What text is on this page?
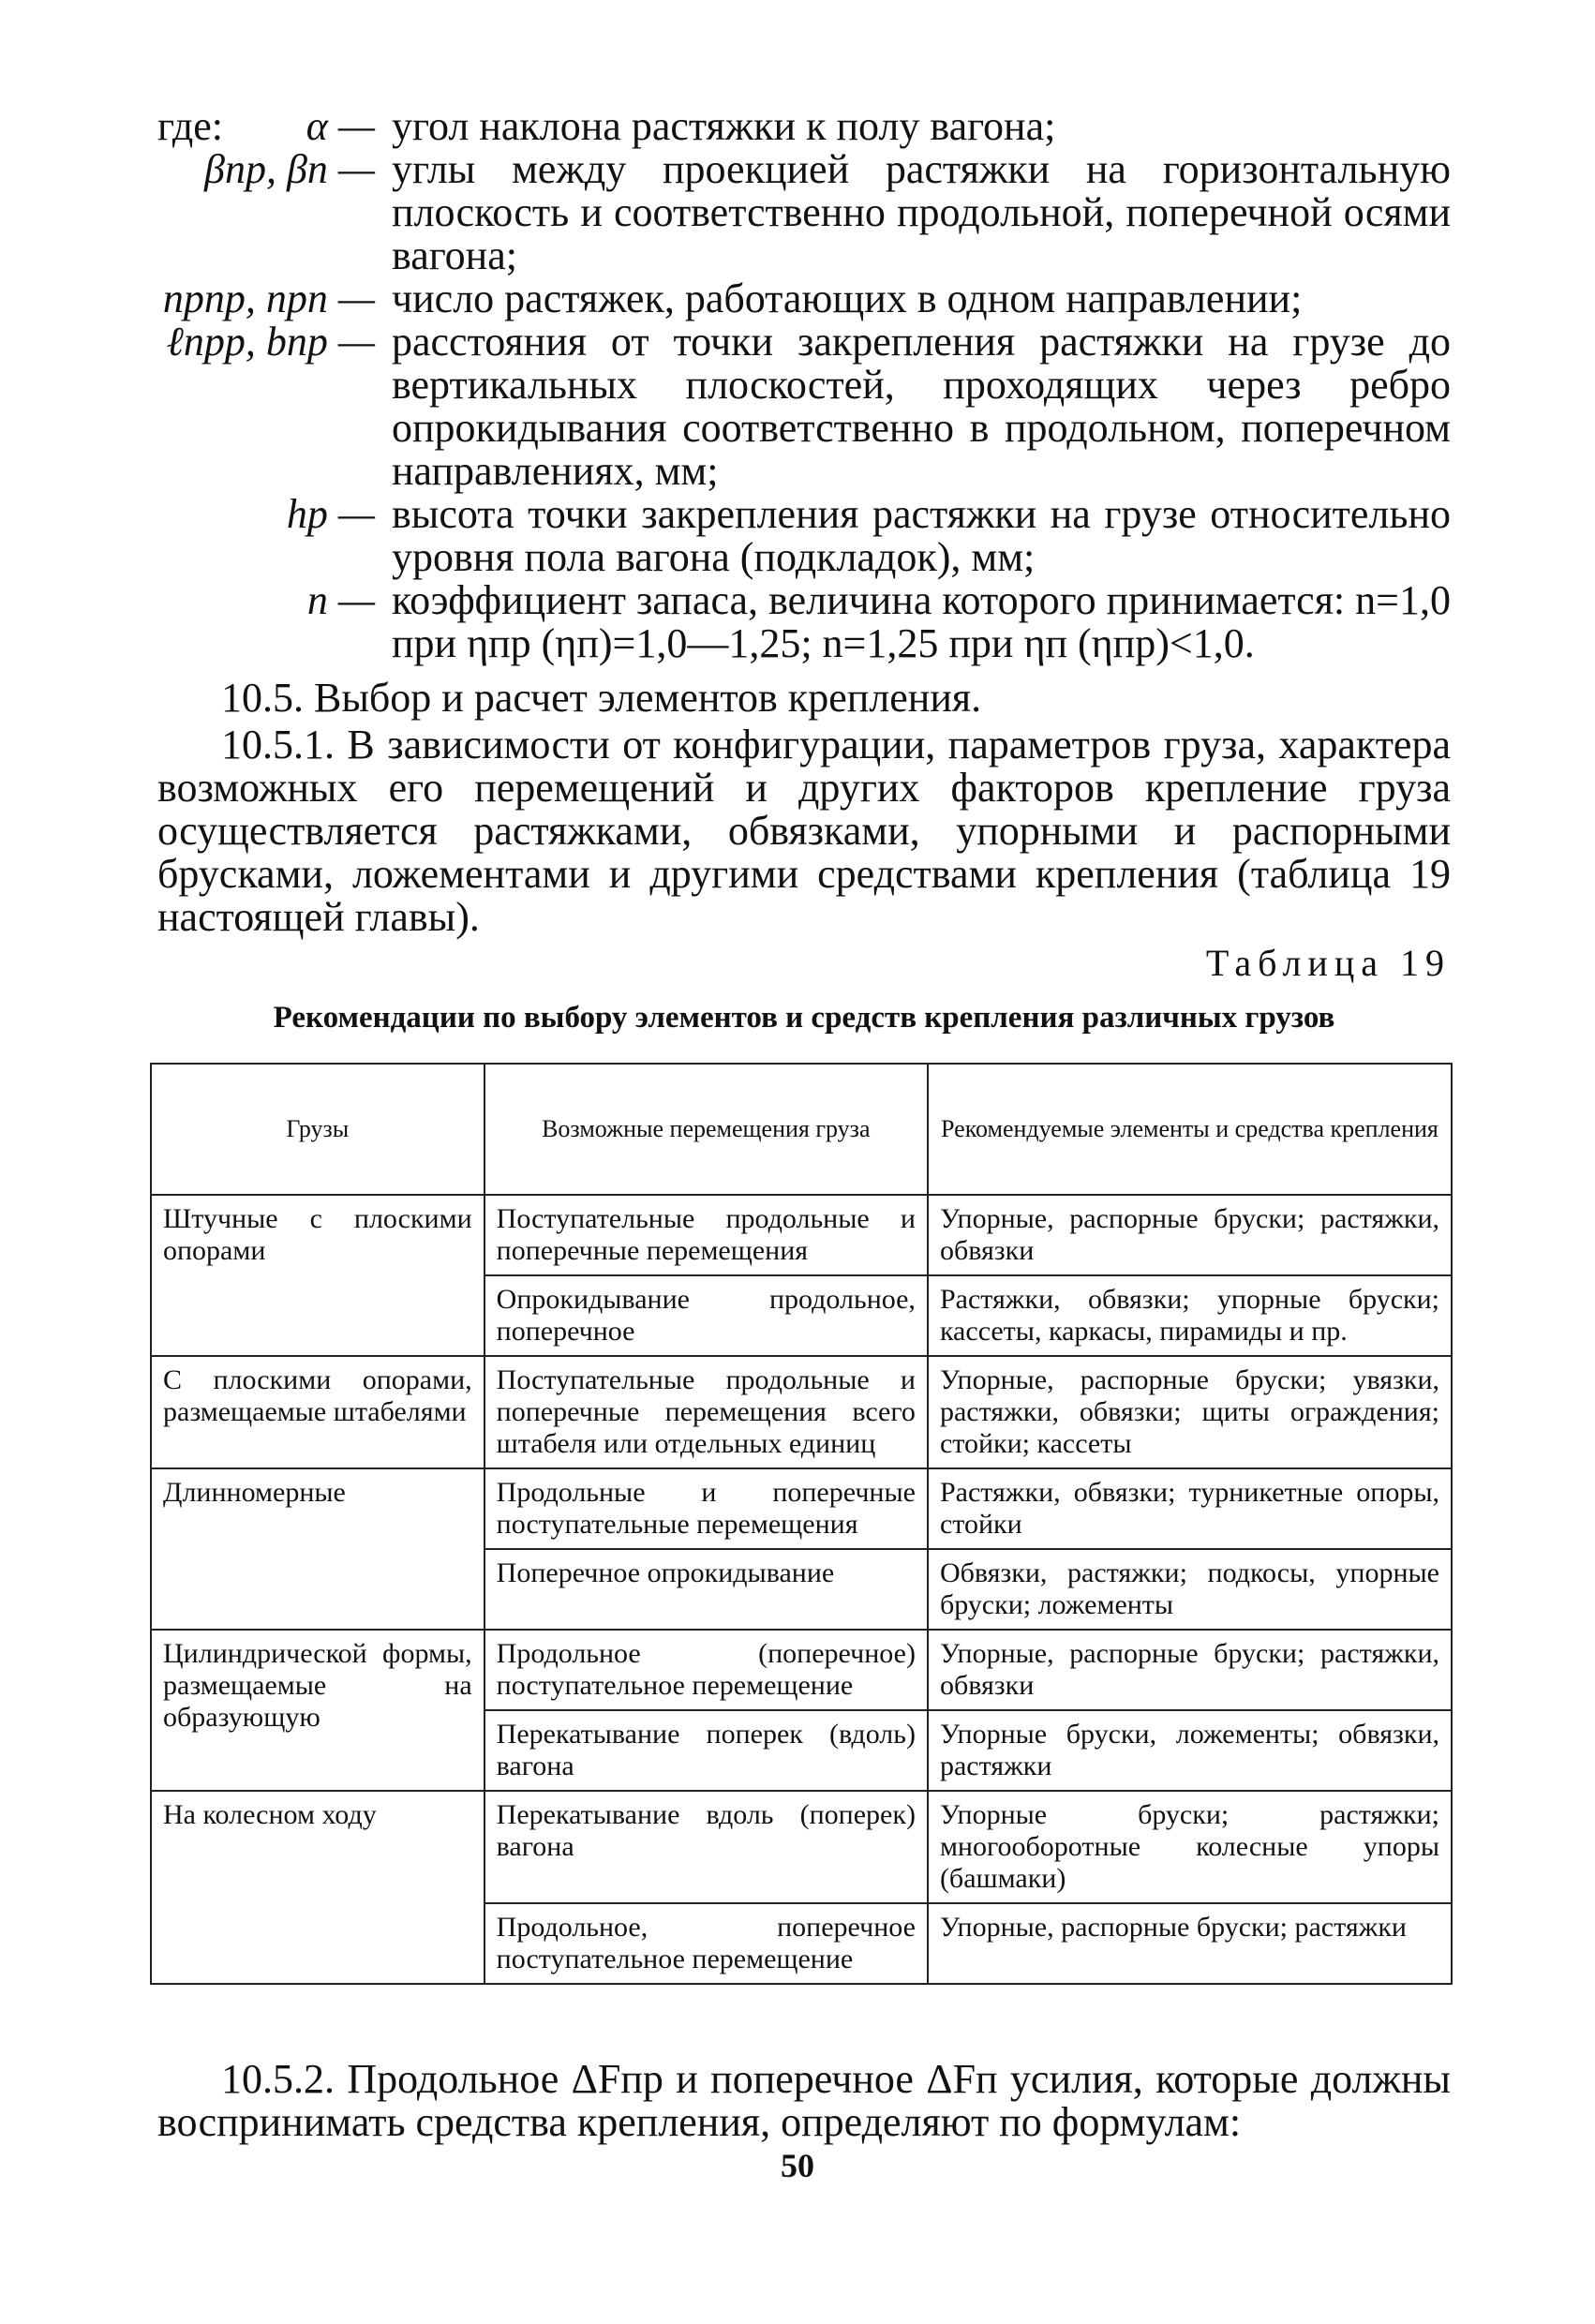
где:	α — угол наклона растяжки к полу вагона;
βпр, βп — углы между проекцией растяжки на горизонтальную плоскость и соответственно продольной, поперечной осями вагона;
nрпр, nрп — число растяжек, работающих в одном направлении;
ℓпрр, bпр — расстояния от точки закрепления растяжки на грузе до вертикальных плоскостей, проходящих через ребро опрокидывания соответственно в продольном, поперечном направлениях, мм;
hр — высота точки закрепления растяжки на грузе относительно уровня пола вагона (подкладок), мм;
n — коэффициент запаса, величина которого принимается: n=1,0 при ηпр (ηп)=1,0—1,25; n=1,25 при ηп (ηпр)<1,0.
10.5. Выбор и расчет элементов крепления.
10.5.1. В зависимости от конфигурации, параметров груза, характера возможных его перемещений и других факторов крепление груза осуществляется растяжками, обвязками, упорными и распорными брусками, ложементами и другими средствами крепления (таблица 19 настоящей главы).
Таблица 19
Рекомендации по выбору элементов и средств крепления различных грузов
Грузы	Возможные перемещения груза	Рекомендуемые элементы и средства крепления
Штучные с плоскими опорами	Поступательные продольные и поперечные перемещения	Упорные, распорные бруски; растяжки, обвязки
	Опрокидывание продольное, поперечное	Растяжки, обвязки; упорные бруски; кассеты, каркасы, пирамиды и пр.
С плоскими опорами, размещаемые штабелями	Поступательные продольные и поперечные перемещения всего штабеля или отдельных единиц	Упорные, распорные бруски; увязки, растяжки, обвязки; щиты ограждения; стойки; кассеты
Длинномерные	Продольные и поперечные поступательные перемещения	Растяжки, обвязки; турникетные опоры, стойки
	Поперечное опрокидывание	Обвязки, растяжки; подкосы, упорные бруски; ложементы
Цилиндрической формы, размещаемые на образующую	Продольное (поперечное) поступательное перемещение	Упорные, распорные бруски; растяжки, обвязки
	Перекатывание поперек (вдоль) вагона	Упорные бруски, ложементы; обвязки, растяжки
На колесном ходу	Перекатывание вдоль (поперек) вагона	Упорные бруски; растяжки; многооборотные колесные упоры (башмаки)
	Продольное, поперечное поступательное перемещение	Упорные, распорные бруски; растяжки
10.5.2. Продольное ΔFпр и поперечное ΔFп усилия, которые должны воспринимать средства крепления, определяют по формулам:
50
